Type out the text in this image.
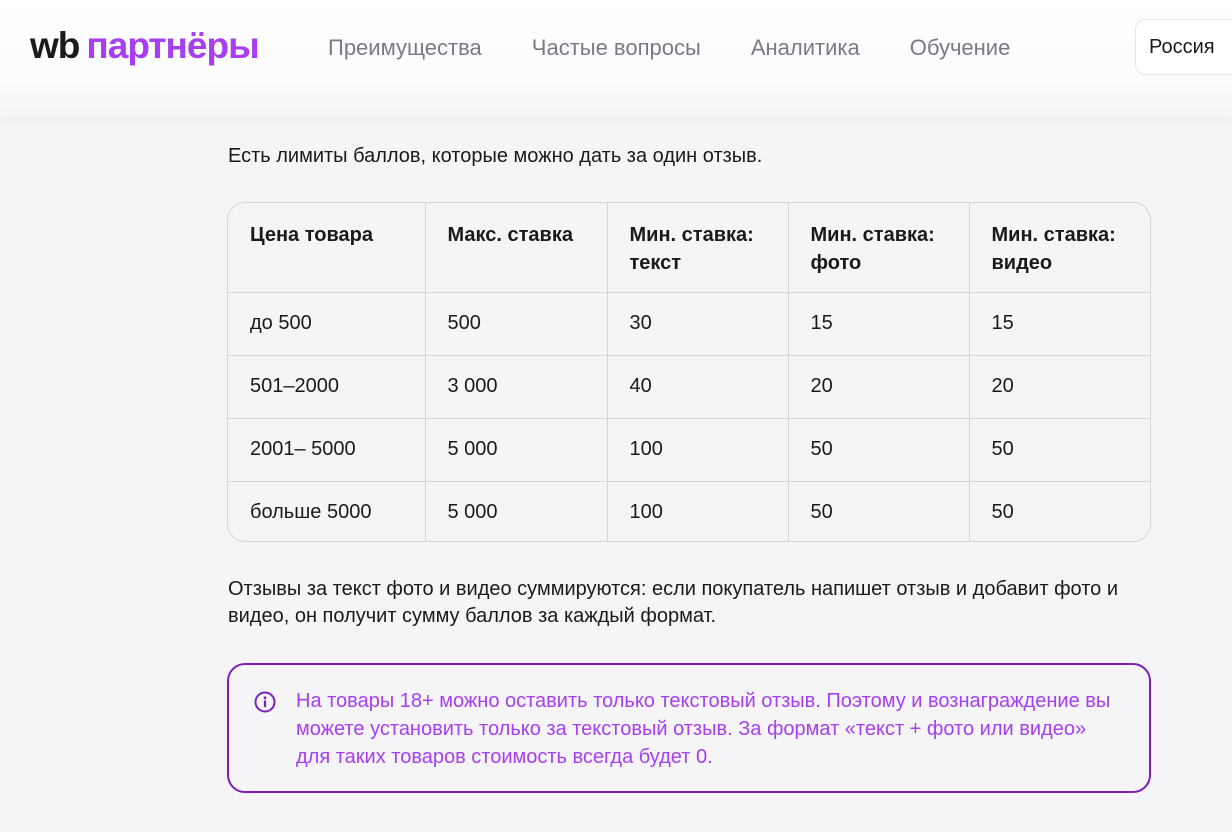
wb партнёры	Преимущества Частые вопросы Аналитика Обучение	Россия

Есть лимиты баллов, которые можно дать за один отзыв.

Цена товара	Макс. ставка	Мин. ставка: текст	Мин. ставка: фото	Мин. ставка: видео
до 500	500	30	15	15
501–2000	3 000	40	20	20
2001– 5000	5 000	100	50	50
больше 5000	5 000	100	50	50

Отзывы за текст фото и видео суммируются: если покупатель напишет отзыв и добавит фото и видео, он получит сумму баллов за каждый формат.

На товары 18+ можно оставить только текстовый отзыв. Поэтому и вознаграждение вы можете установить только за текстовый отзыв. За формат «текст + фото или видео» для таких товаров стоимость всегда будет 0.
